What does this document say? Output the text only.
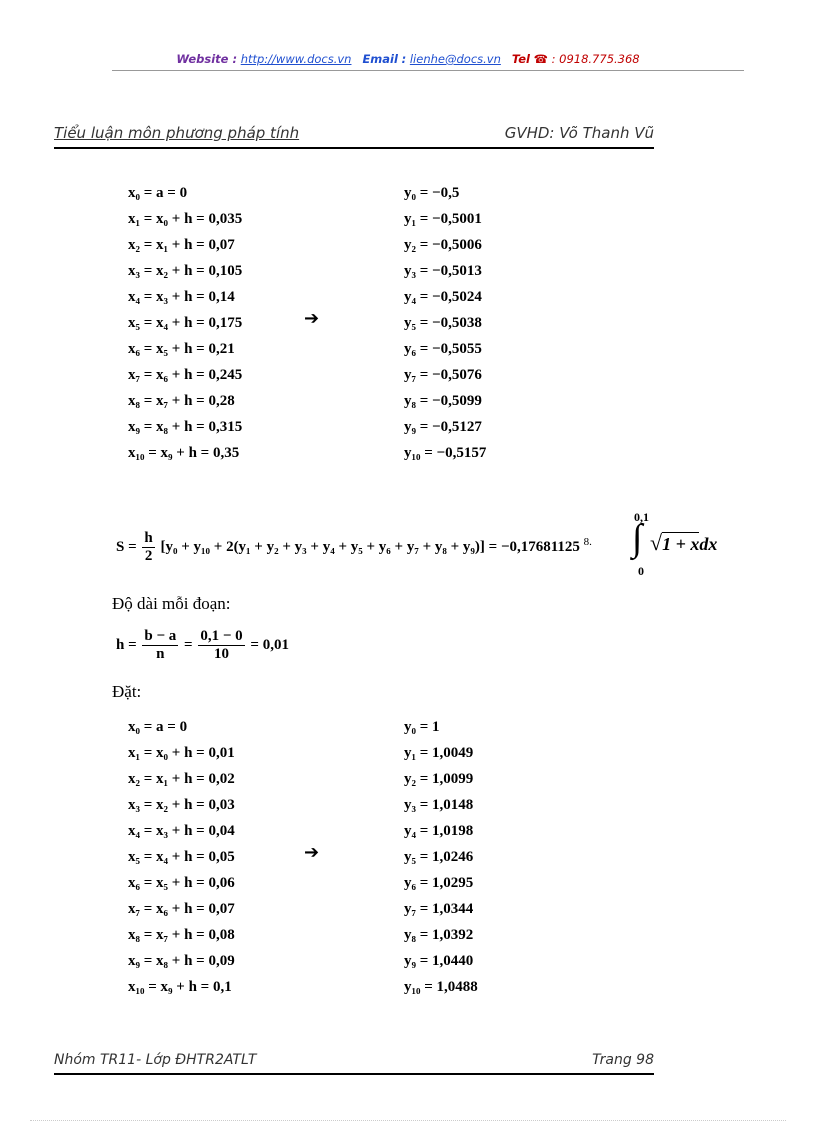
Website : http://www.docs.vn Email : lienhe@docs.vn Tel ☎ : 0918.775.368
Tiểu luận môn phương pháp tính	GVHD: Võ Thanh Vũ
x₀ = a = 0
x₁ = x₀ + h = 0,035
x₂ = x₁ + h = 0,07
x₃ = x₂ + h = 0,105
x₄ = x₃ + h = 0,14
x₅ = x₄ + h = 0,175
x₆ = x₅ + h = 0,21
x₇ = x₆ + h = 0,245
x₈ = x₇ + h = 0,28
x₉ = x₈ + h = 0,315
x₁₀ = x₉ + h = 0,35
➔
y₀ = −0,5
y₁ = −0,5001
y₂ = −0,5006
y₃ = −0,5013
y₄ = −0,5024
y₅ = −0,5038
y₆ = −0,5055
y₇ = −0,5076
y₈ = −0,5099
y₉ = −0,5127
y₁₀ = −0,5157
$S = \frac{h}{2} [y_0 + y_{10} + 2(y_1 + y_2 + y_3 + y_4 + y_5 + y_6 + y_7 + y_8 + y_9)] = -0,17681125$ $^{8.}$
0,1
∫
0
√1 + xdx
Độ dài mỗi đoạn:
$h = \frac{b - a}{n} = \frac{0,1 - 0}{10} = 0,01$
Đặt:
x₀ = a = 0
x₁ = x₀ + h = 0,01
x₂ = x₁ + h = 0,02
x₃ = x₂ + h = 0,03
x₄ = x₃ + h = 0,04
x₅ = x₄ + h = 0,05
x₆ = x₅ + h = 0,06
x₇ = x₆ + h = 0,07
x₈ = x₇ + h = 0,08
x₉ = x₈ + h = 0,09
x₁₀ = x₉ + h = 0,1
➔
y₀ = 1
y₁ = 1,0049
y₂ = 1,0099
y₃ = 1,0148
y₄ = 1,0198
y₅ = 1,0246
y₆ = 1,0295
y₇ = 1,0344
y₈ = 1,0392
y₉ = 1,0440
y₁₀ = 1,0488
Nhóm TR11- Lớp ĐHTR2ATLT	Trang 98
